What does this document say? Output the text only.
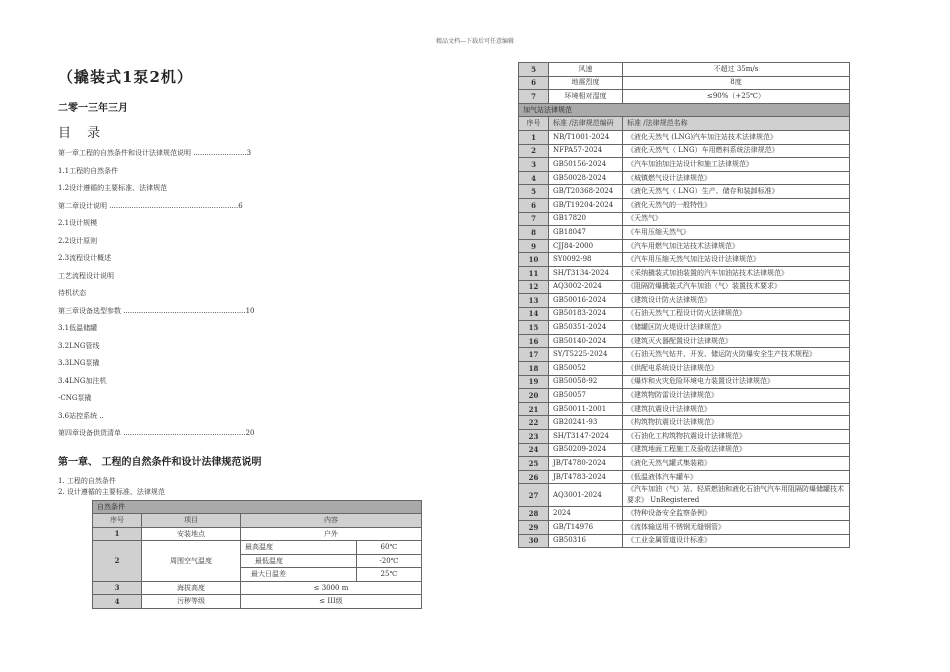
精品文档---下载后可任意编辑
（撬装式1泵2机）
二零一三年三月
目 录
第一章工程的自然条件和设计法律规范说明 ........................3
1.1工程的自然条件
1.2设计遵循的主要标准、法律规范
第二章设计说明 ..........................................................6
2.1设计规模
2.2设计原则
2.3流程设计概述
工艺流程设计说明
待机状态
第三章设备选型参数 .......................................................10
3.1低温储罐
3.2LNG管线
3.3LNG泵撬
3.4LNG加注机
-CNG泵撬
3.6站控系统 ..
第四章设备供货清单 .......................................................20
第一章、 工程的自然条件和设计法律规范说明
1. 工程的自然条件
2. 设计遵循的主要标准、法律规范
自然条件			
序号	项目	内容	
1	安装地点	户外	
2	周围空气温度	最高温度	60℃
		最低温度	-20℃
		最大日温差	25℃
3	海拔高度	≤ 3000 m	
4	污秽等级	≤ III级	
5	风速	不超过 35m/s
6	地震烈度	8度
7	环境相对湿度	≤90%（+25℃）
加气站法律规范		
序号	标准 /法律规范编码	标准 /法律规范名称
1	NB/T1001-2024	《液化天然气 (LNG)汽车加注站技术法律规范》
2	NFPA57-2024	《液化天然气（ LNG）车用燃料系统法律规范》
3	GB50156-2024	《汽车加油加注站设计和施工法律规范》
4	GB50028-2024	《城镇燃气设计法律规范》
5	GB/T20368-2024	《液化天然气（ LNG）生产、储存和装卸标准》
6	GB/T19204-2024	《液化天然气的一般特性》
7	GB17820	《天然气》
8	GB18047	《车用压缩天然气》
9	CJJ84-2000	《汽车用燃气加注站技术法律规范》
10	SY0092-98	《汽车用压缩天然气加注站设计法律规范》
11	SH/T3134-2024	《采纳撬装式加油装置的汽车加油站技术法律规范》
12	AQ3002-2024	《阻隔防爆撬装式汽车加油（气）装置技术要求》
13	GB50016-2024	《建筑设计防火法律规范》
14	GB50183-2024	《石油天然气工程设计防火法律规范》
15	GB50351-2024	《储罐区防火堤设计法律规范》
16	GB50140-2024	《建筑灭火器配置设计法律规范》
17	SY/T5225-2024	《石油天然气钻井、开发、储运防火防爆安全生产技术规程》
18	GB50052	《供配电系统设计法律规范》
19	GB50058-92	《爆炸和火灾危险环境电力装置设计法律规范》
20	GB50057	《建筑物防雷设计法律规范》
21	GB50011-2001	《建筑抗震设计法律规范》
22	GB20241-93	《构筑物抗震设计法律规范》
23	SH/T3147-2024	《石油化工构筑物抗震设计法律规范》
24	GB50209-2024	《建筑地面工程施工及验收法律规范》
25	JB/T4780-2024	《液化天然气罐式集装箱》
26	JB/T4783-2024	《低温液体汽车罐车》
27	AQ3001-2024	《汽车加油（气）站、轻质燃油和液化石油气汽车用阻隔防爆储罐技术要求》 UnRegistered
28	2024	《特种设备安全监察条例》
29	GB/T14976	《流体输送用不锈钢无缝钢管》
30	GB50316	《工业金属管道设计标准》
